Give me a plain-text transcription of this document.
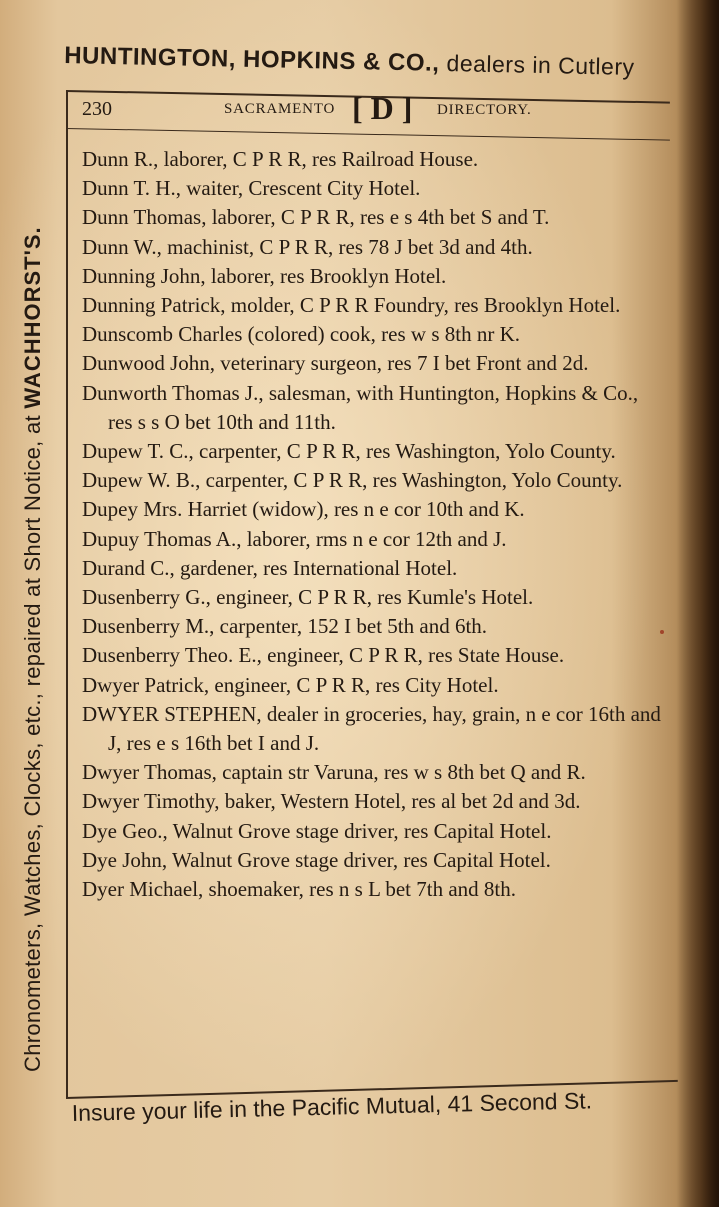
HUNTINGTON, HOPKINS & CO., dealers in Cutlery
Chronometers, Watches, Clocks, etc., repaired at Short Notice, at WACHHORST'S.
230	SACRAMENTO [ D ] DIRECTORY.

Dunn R., laborer, C P R R, res Railroad House.

Dunn T. H., waiter, Crescent City Hotel.

Dunn Thomas, laborer, C P R R, res e s 4th bet S and T.

Dunn W., machinist, C P R R, res 78 J bet 3d and 4th.

Dunning John, laborer, res Brooklyn Hotel.

Dunning Patrick, molder, C P R R Foundry, res Brooklyn Hotel.

Dunscomb Charles (colored) cook, res w s 8th nr K.

Dunwood John, veterinary surgeon, res 7 I bet Front and 2d.

Dunworth Thomas J., salesman, with Huntington, Hopkins & Co., res s s O bet 10th and 11th.

Dupew T. C., carpenter, C P R R, res Washington, Yolo County.

Dupew W. B., carpenter, C P R R, res Washington, Yolo County.

Dupey Mrs. Harriet (widow), res n e cor 10th and K.

Dupuy Thomas A., laborer, rms n e cor 12th and J.

Durand C., gardener, res International Hotel.

Dusenberry G., engineer, C P R R, res Kumle's Hotel.

Dusenberry M., carpenter, 152 I bet 5th and 6th.

Dusenberry Theo. E., engineer, C P R R, res State House.

Dwyer Patrick, engineer, C P R R, res City Hotel.

DWYER STEPHEN, dealer in groceries, hay, grain, n e cor 16th and J, res e s 16th bet I and J.

Dwyer Thomas, captain str Varuna, res w s 8th bet Q and R.

Dwyer Timothy, baker, Western Hotel, res al bet 2d and 3d.

Dye Geo., Walnut Grove stage driver, res Capital Hotel.

Dye John, Walnut Grove stage driver, res Capital Hotel.

Dyer Michael, shoemaker, res n s L bet 7th and 8th.

Insure your life in the Pacific Mutual, 41 Second St.
